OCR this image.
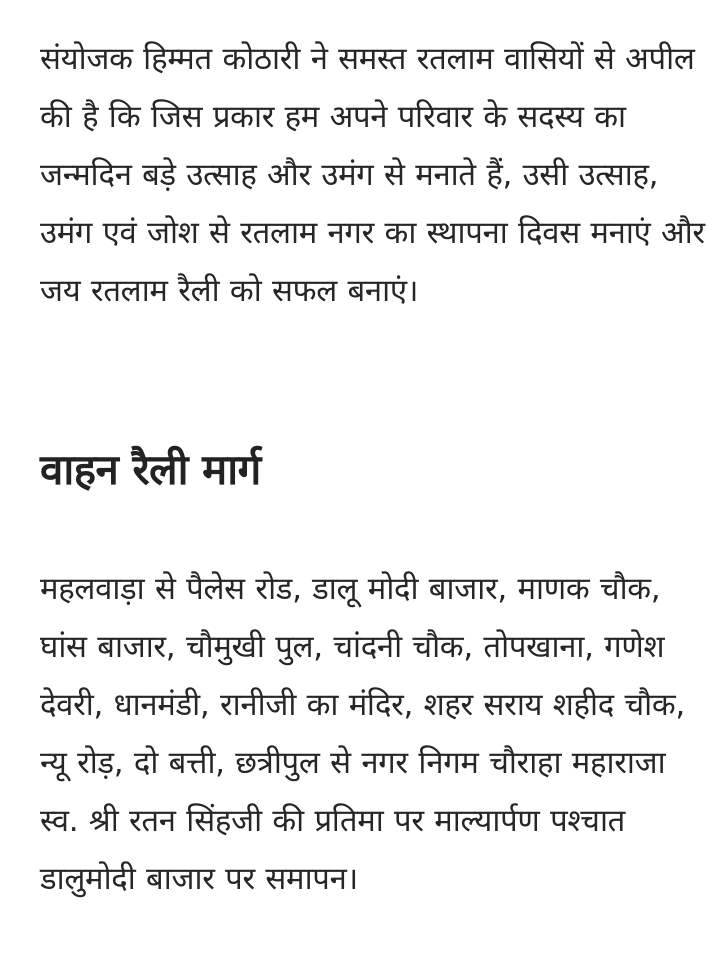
संयोजक हिम्मत कोठारी ने समस्त रतलाम वासियों से अपील की है कि जिस प्रकार हम अपने परिवार के सदस्य का जन्मदिन बड़े उत्साह और उमंग से मनाते हैं, उसी उत्साह, उमंग एवं जोश से रतलाम नगर का स्थापना दिवस मनाएं और जय रतलाम रैली को सफल बनाएं।

वाहन रैली मार्ग

महलवाड़ा से पैलेस रोड, डालू मोदी बाजार, माणक चौक, घांस बाजार, चौमुखी पुल, चांदनी चौक, तोपखाना, गणेश देवरी, धानमंडी, रानीजी का मंदिर, शहर सराय शहीद चौक, न्यू रोड़, दो बत्ती, छत्रीपुल से नगर निगम चौराहा महाराजा स्व. श्री रतन सिंहजी की प्रतिमा पर माल्यार्पण पश्चात डालुमोदी बाजार पर समापन।
